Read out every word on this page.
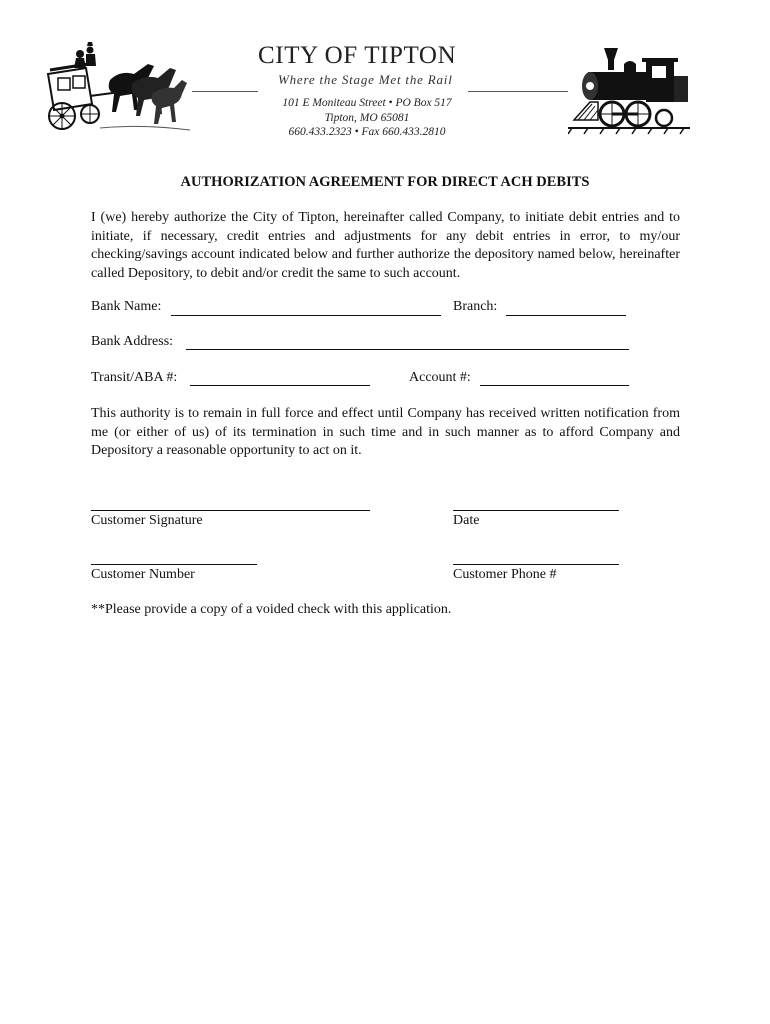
CITY OF TIPTON
Where the Stage Met the Rail
101 E Moniteau Street • PO Box 517
Tipton, MO 65081
660.433.2323 • Fax 660.433.2810
AUTHORIZATION AGREEMENT FOR DIRECT ACH DEBITS
I (we) hereby authorize the City of Tipton, hereinafter called Company, to initiate debit entries and to initiate, if necessary, credit entries and adjustments for any debit entries in error, to my/our checking/savings account indicated below and further authorize the depository named below, hereinafter called Depository, to debit and/or credit the same to such account.
Bank Name:	Branch:
Bank Address:
Transit/ABA #:	Account #:
This authority is to remain in full force and effect until Company has received written notification from me (or either of us) of its termination in such time and in such manner as to afford Company and Depository a reasonable opportunity to act on it.
Customer Signature	Date
Customer Number	Customer Phone #
**Please provide a copy of a voided check with this application.
